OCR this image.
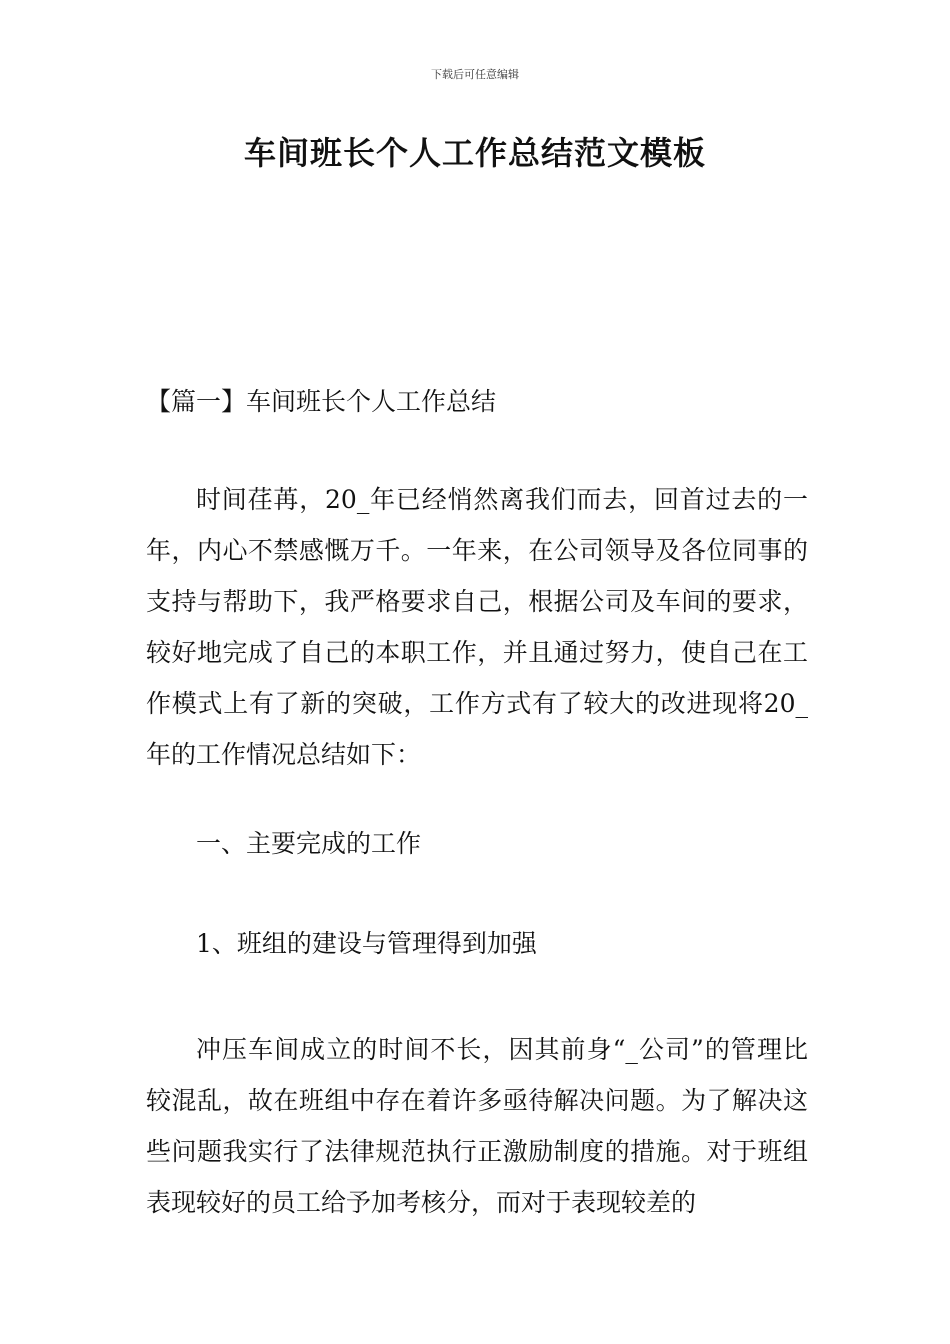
下载后可任意编辑
车间班长个人工作总结范文模板
【篇一】车间班长个人工作总结

时间荏苒，20_年已经悄然离我们而去，回首过去的一年，内心不禁感慨万千。一年来，在公司领导及各位同事的支持与帮助下，我严格要求自己，根据公司及车间的要求，较好地完成了自己的本职工作，并且通过努力，使自己在工作模式上有了新的突破，工作方式有了较大的改进现将20_年的工作情况总结如下：

一、主要完成的工作

1、班组的建设与管理得到加强

冲压车间成立的时间不长，因其前身“_公司”的管理比较混乱，故在班组中存在着许多亟待解决问题。为了解决这些问题我实行了法律规范执行正激励制度的措施。对于班组表现较好的员工给予加考核分，而对于表现较差的
